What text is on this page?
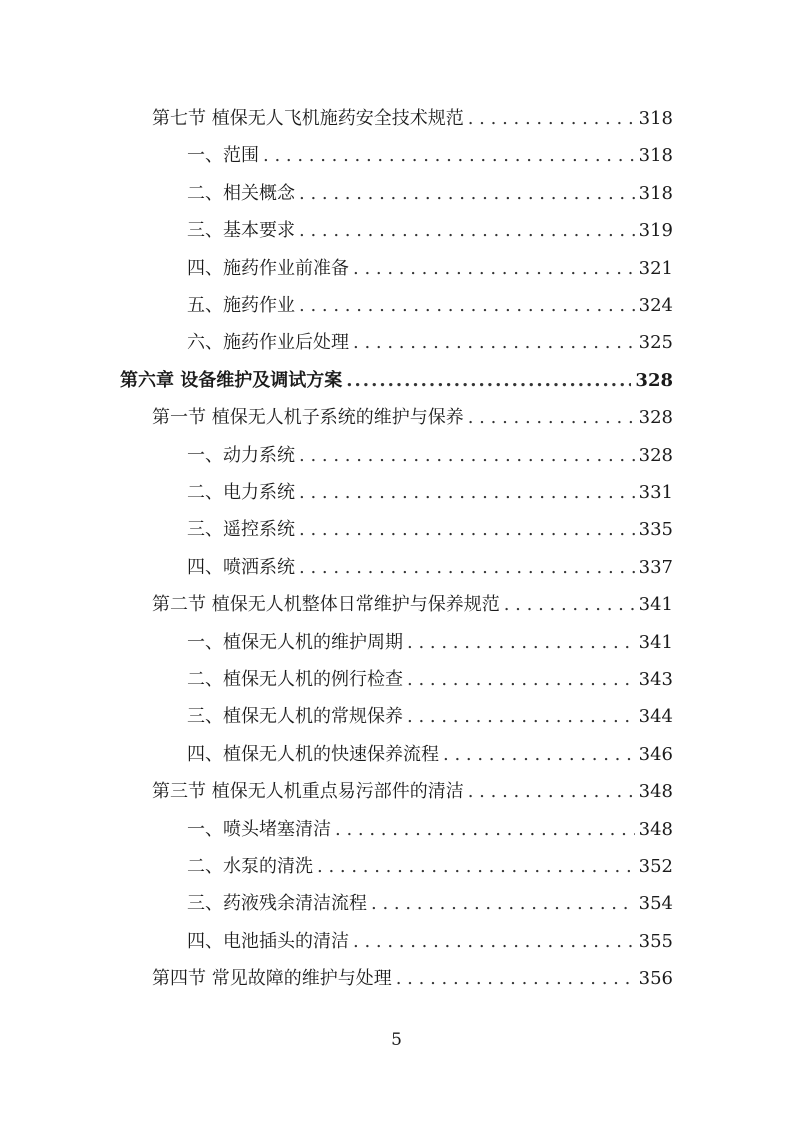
第七节 植保无人飞机施药安全技术规范 . . .	318
一、范围 . . .	318
二、相关概念 . . .	318
三、基本要求 . . .	319
四、施药作业前准备 . . .	321
五、施药作业 . . .	324
六、施药作业后处理 . . .	325
第六章 设备维护及调试方案 .....	328
第一节 植保无人机子系统的维护与保养 . . .	328
一、动力系统 . . .	328
二、电力系统 . . .	331
三、遥控系统 . . .	335
四、喷洒系统 . . .	337
第二节 植保无人机整体日常维护与保养规范 . . .	341
一、植保无人机的维护周期 . . .	341
二、植保无人机的例行检查 . . .	343
三、植保无人机的常规保养 . . .	344
四、植保无人机的快速保养流程 . . .	346
第三节 植保无人机重点易污部件的清洁 . . .	348
一、喷头堵塞清洁 . . .	348
二、水泵的清洗 . . .	352
三、药液残余清洁流程 . . .	354
四、电池插头的清洁 . . .	355
第四节 常见故障的维护与处理 . . .	356
5
